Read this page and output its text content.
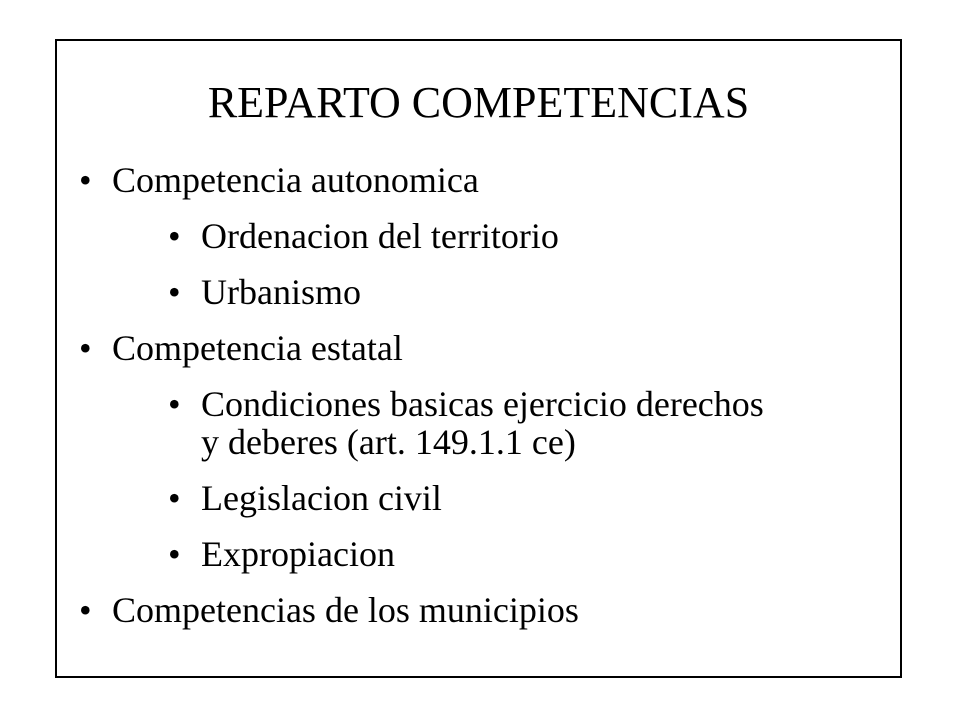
REPARTO COMPETENCIAS
• Competencia autonomica
• Ordenacion del territorio
• Urbanismo
• Competencia estatal
• Condiciones basicas ejercicio derechos
y deberes (art. 149.1.1 ce)
• Legislacion civil
• Expropiacion
• Competencias de los municipios
